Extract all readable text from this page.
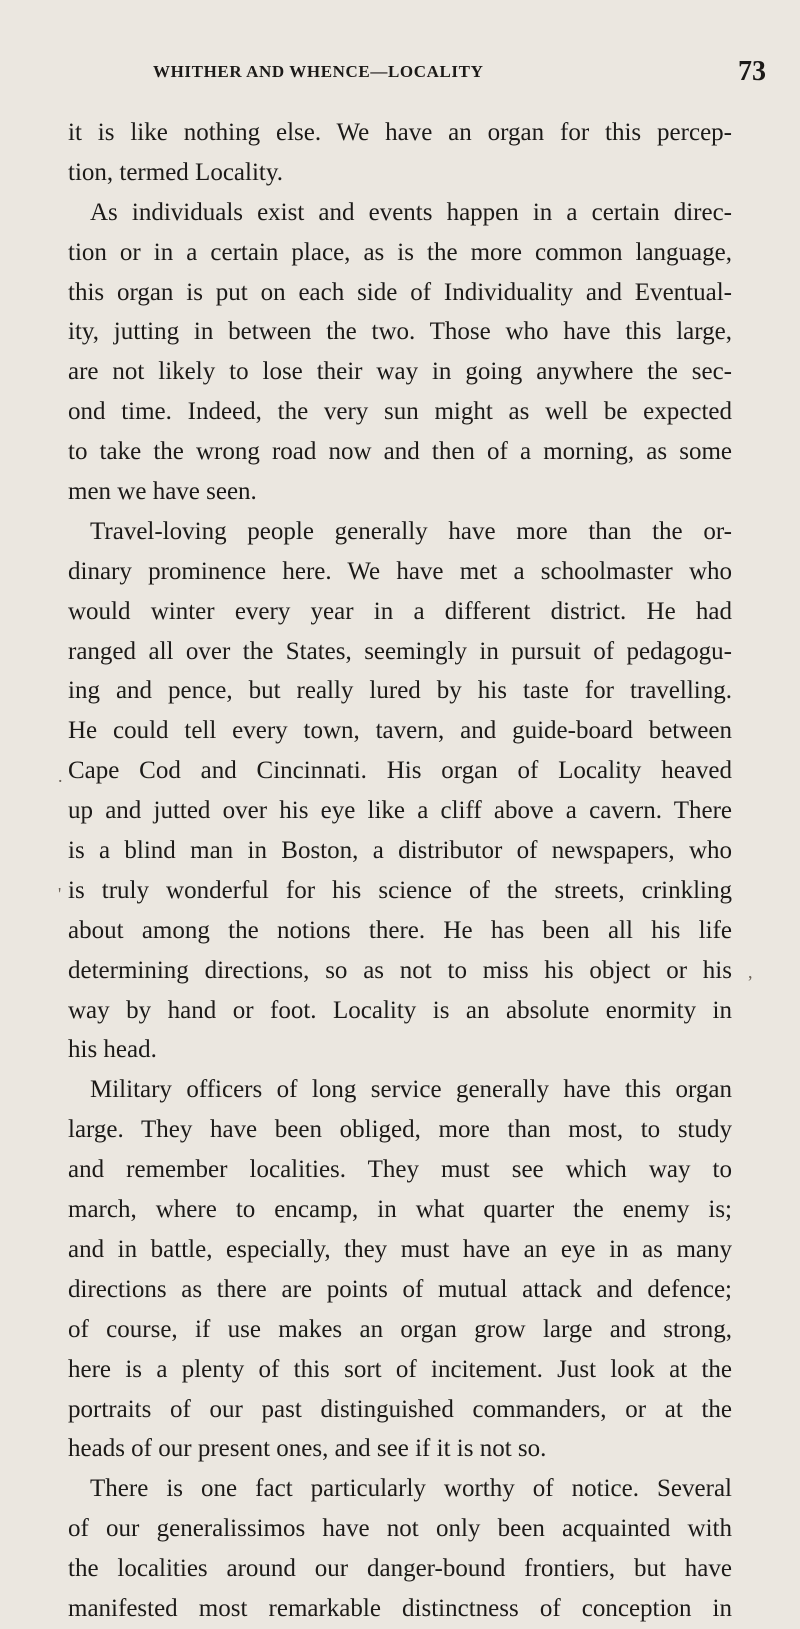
WHITHER AND WHENCE—LOCALITY	73
it is like nothing else. We have an organ for this percep-
tion, termed Locality.
As individuals exist and events happen in a certain direc-
tion or in a certain place, as is the more common language,
this organ is put on each side of Individuality and Eventual-
ity, jutting in between the two. Those who have this large,
are not likely to lose their way in going anywhere the sec-
ond time. Indeed, the very sun might as well be expected
to take the wrong road now and then of a morning, as some
men we have seen.
Travel-loving people generally have more than the or-
dinary prominence here. We have met a schoolmaster who
would winter every year in a different district. He had
ranged all over the States, seemingly in pursuit of pedagogu-
ing and pence, but really lured by his taste for travelling.
He could tell every town, tavern, and guide-board between
Cape Cod and Cincinnati. His organ of Locality heaved
up and jutted over his eye like a cliff above a cavern. There
is a blind man in Boston, a distributor of newspapers, who
is truly wonderful for his science of the streets, crinkling
about among the notions there. He has been all his life
determining directions, so as not to miss his object or his
way by hand or foot. Locality is an absolute enormity in
his head.
Military officers of long service generally have this organ
large. They have been obliged, more than most, to study
and remember localities. They must see which way to
march, where to encamp, in what quarter the enemy is;
and in battle, especially, they must have an eye in as many
directions as there are points of mutual attack and defence;
of course, if use makes an organ grow large and strong,
here is a plenty of this sort of incitement. Just look at the
portraits of our past distinguished commanders, or at the
heads of our present ones, and see if it is not so.
There is one fact particularly worthy of notice. Several
of our generalissimos have not only been acquainted with
the localities around our danger-bound frontiers, but have
manifested most remarkable distinctness of conception in
.
'
,
